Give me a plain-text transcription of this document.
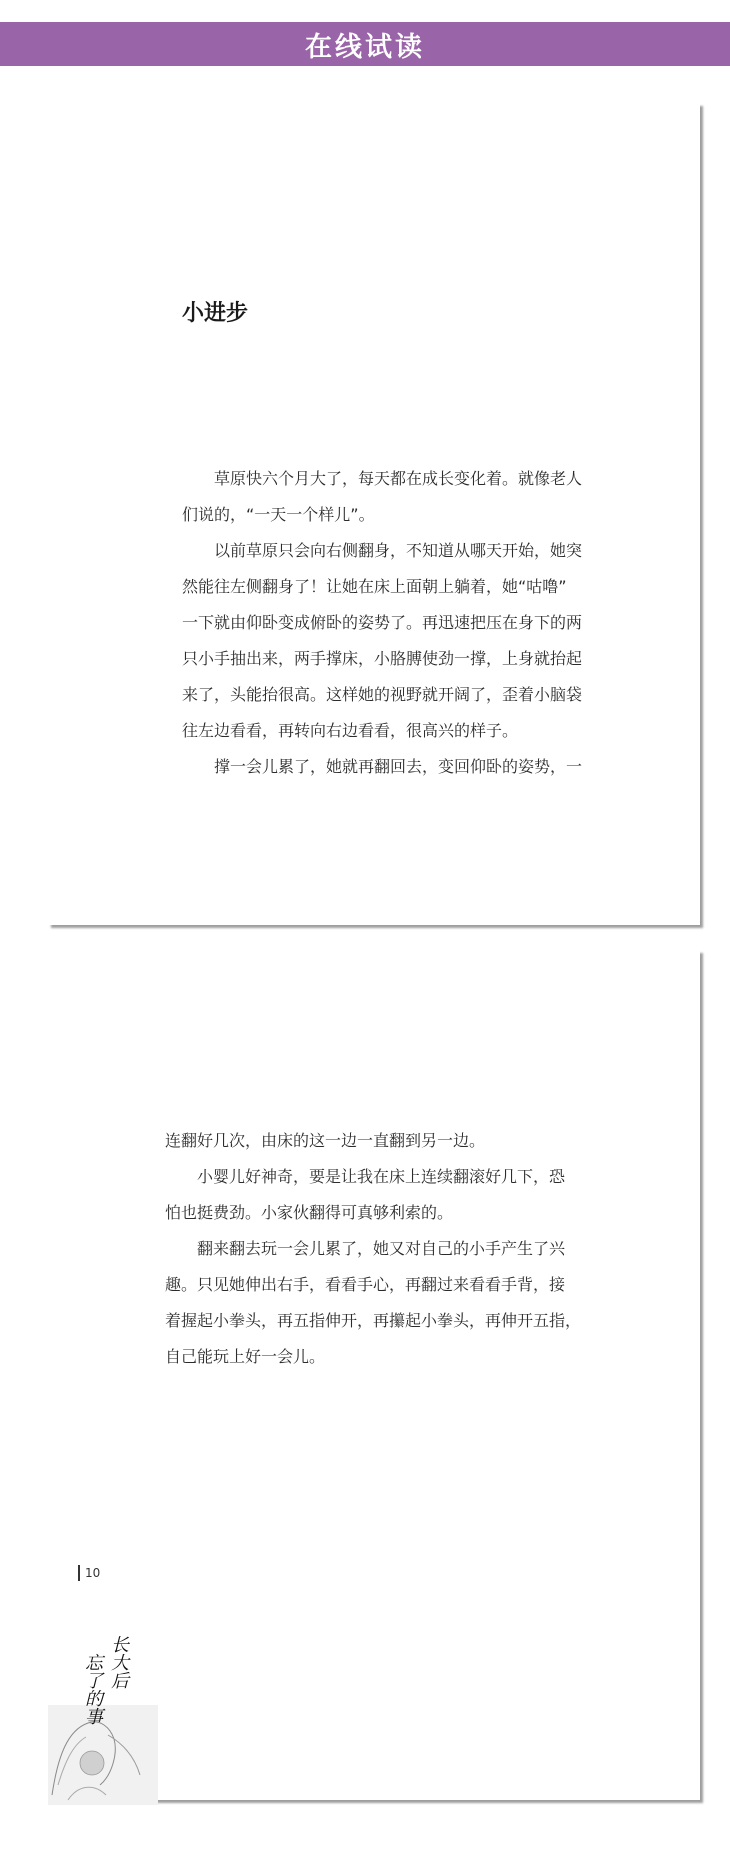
在线试读
小进步

草原快六个月大了，每天都在成长变化着。就像老人

们说的，“一天一个样儿”。

以前草原只会向右侧翻身，不知道从哪天开始，她突

然能往左侧翻身了！让她在床上面朝上躺着，她“咕噜”

一下就由仰卧变成俯卧的姿势了。再迅速把压在身下的两

只小手抽出来，两手撑床，小胳膊使劲一撑，上身就抬起

来了，头能抬很高。这样她的视野就开阔了，歪着小脑袋

往左边看看，再转向右边看看，很高兴的样子。

撑一会儿累了，她就再翻回去，变回仰卧的姿势，一

连翻好几次，由床的这一边一直翻到另一边。

小婴儿好神奇，要是让我在床上连续翻滚好几下，恐

怕也挺费劲。小家伙翻得可真够利索的。

翻来翻去玩一会儿累了，她又对自己的小手产生了兴

趣。只见她伸出右手，看看手心，再翻过来看看手背，接

着握起小拳头，再五指伸开，再攥起小拳头，再伸开五指，

自己能玩上好一会儿。

10
长大后
忘了的事
